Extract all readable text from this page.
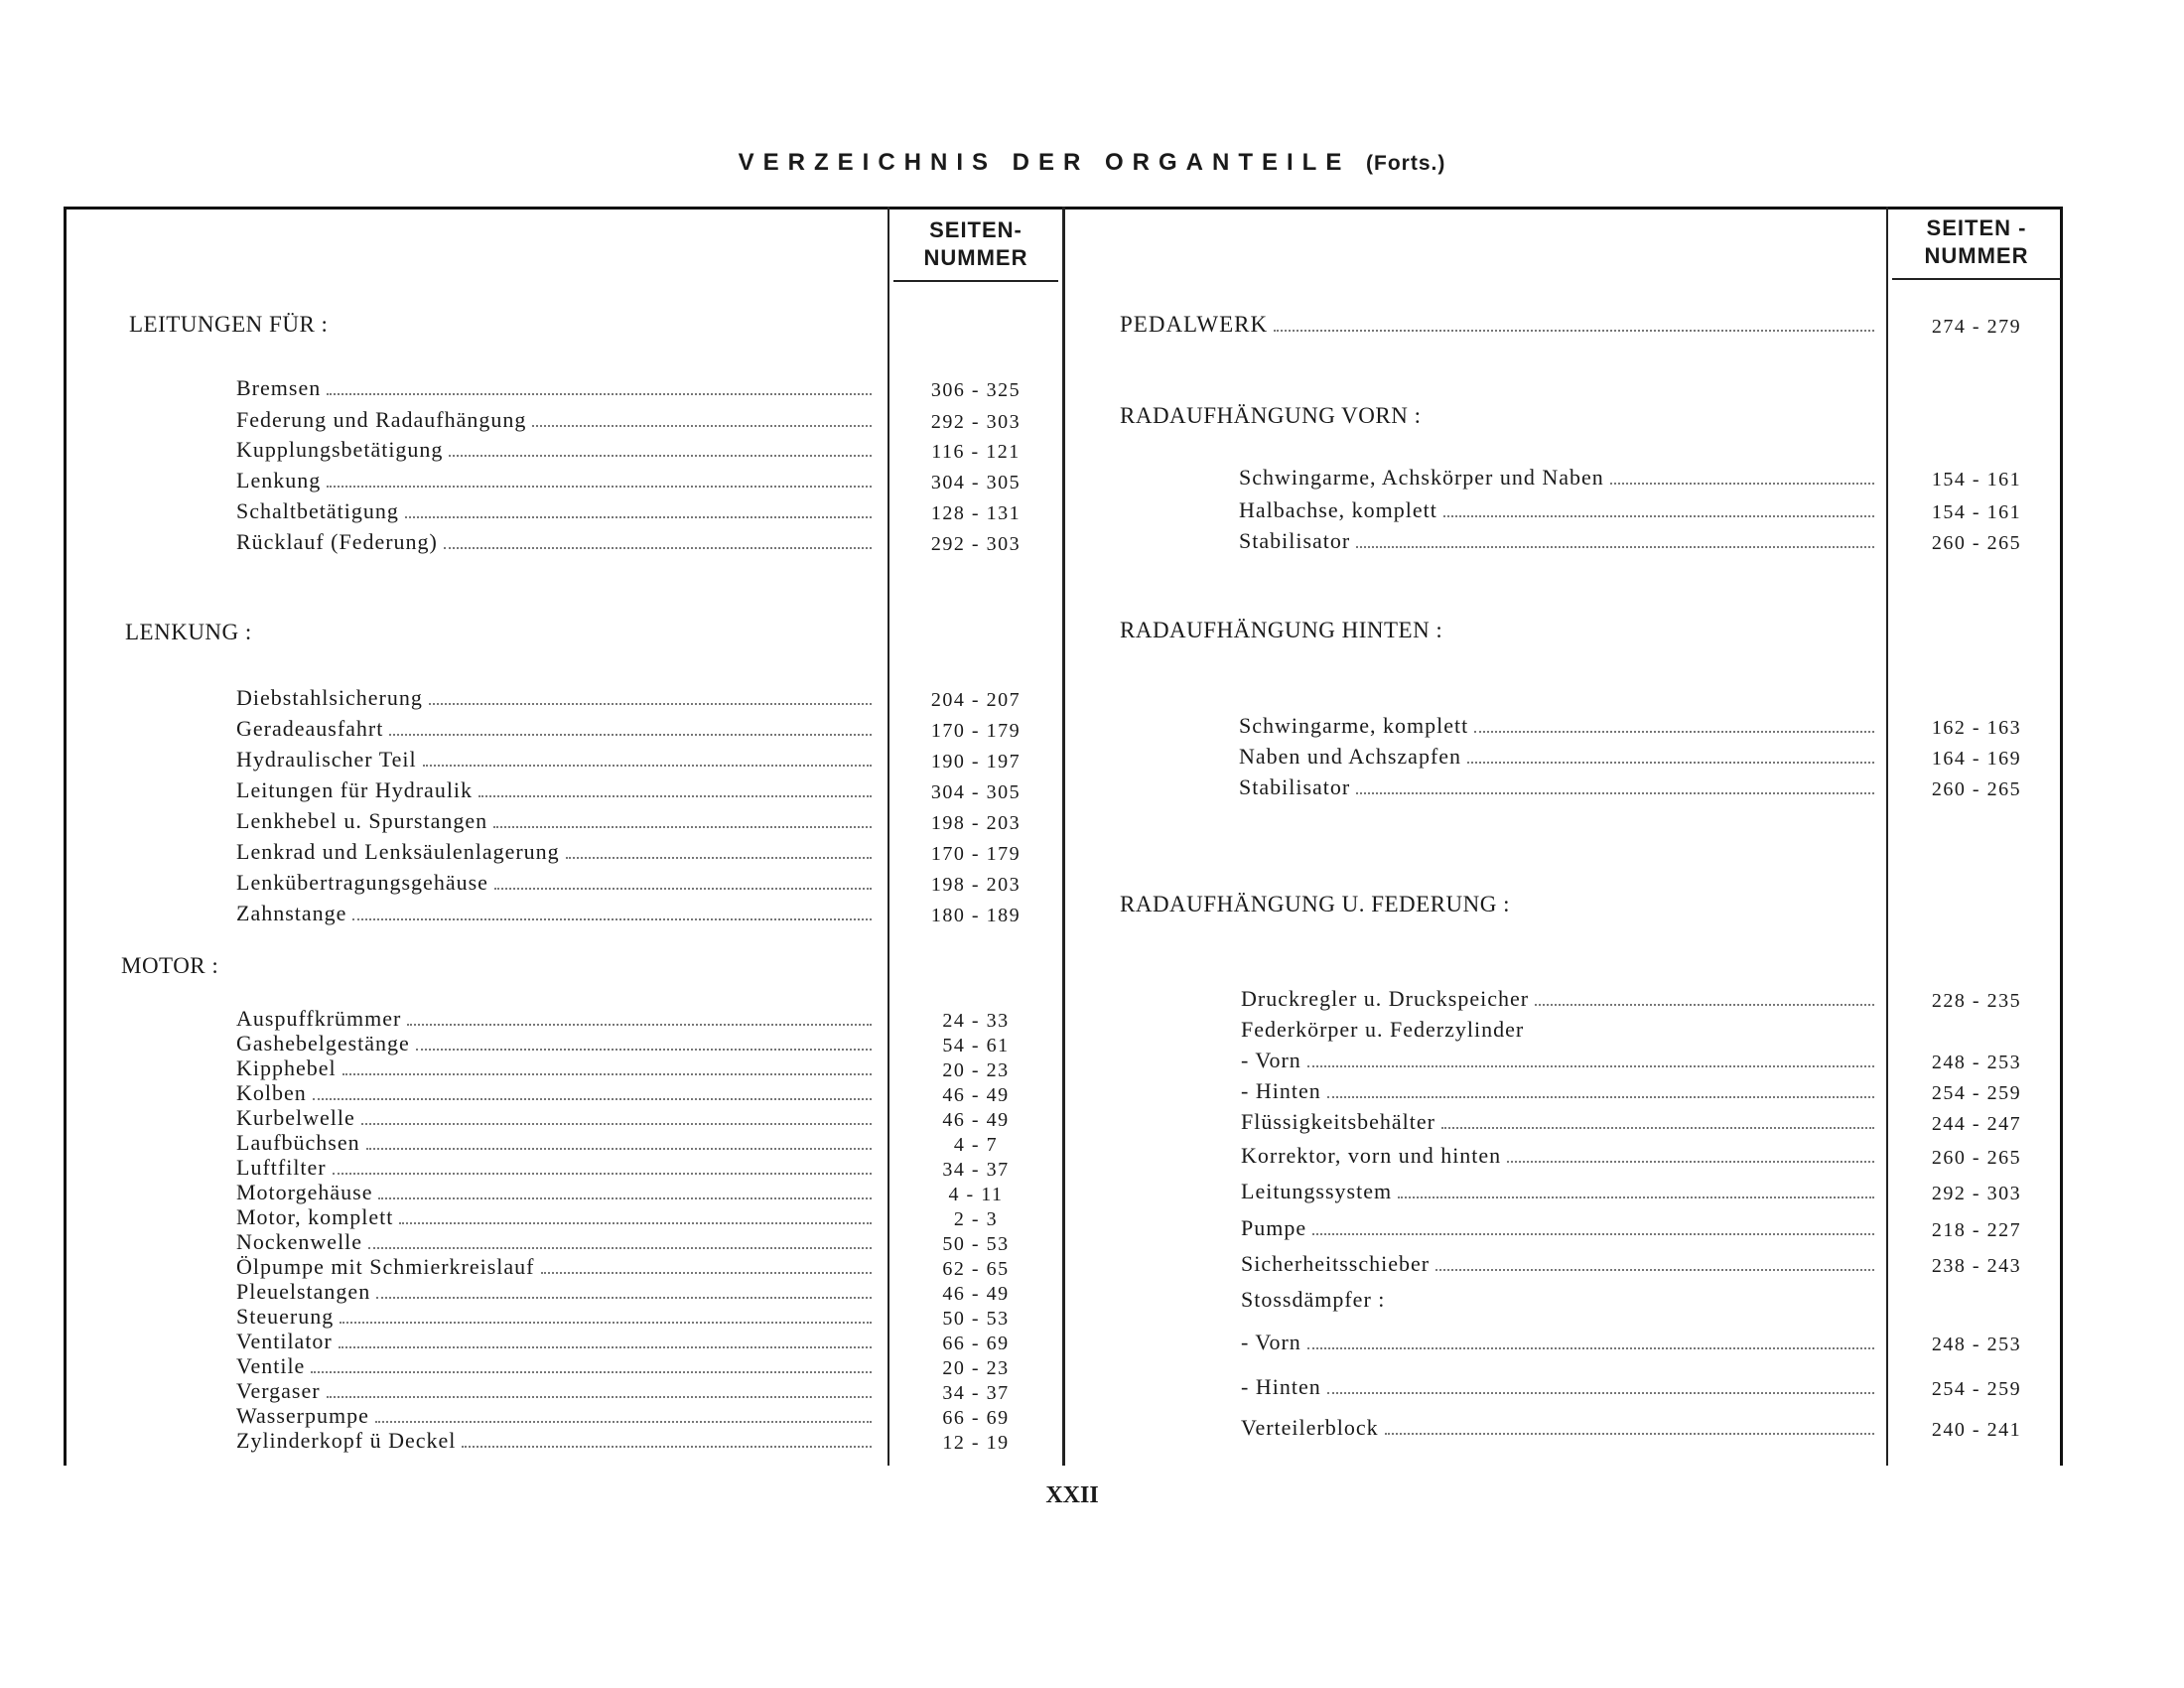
VERZEICHNIS DER ORGANTEILE (Forts.)
SEITEN-
NUMMER
SEITEN -
NUMMER
LEITUNGEN FÜR :
LENKUNG :
MOTOR :
306 - 325
Bremsen
292 - 303
Federung und Radaufhängung
116 - 121
Kupplungsbetätigung
304 - 305
Lenkung
128 - 131
Schaltbetätigung
292 - 303
Rücklauf (Federung)
204 - 207
Diebstahlsicherung
170 - 179
Geradeausfahrt
190 - 197
Hydraulischer Teil
304 - 305
Leitungen für Hydraulik
198 - 203
Lenkhebel u. Spurstangen
170 - 179
Lenkrad und Lenksäulenlagerung
198 - 203
Lenkübertragungsgehäuse
180 - 189
Zahnstange
24 - 33
Auspuffkrümmer
54 - 61
Gashebelgestänge
20 - 23
Kipphebel
46 - 49
Kolben
46 - 49
Kurbelwelle
4 - 7
Laufbüchsen
34 - 37
Luftfilter
4 - 11
Motorgehäuse
2 - 3
Motor, komplett
50 - 53
Nockenwelle
62 - 65
Ölpumpe mit Schmierkreislauf
46 - 49
Pleuelstangen
50 - 53
Steuerung
66 - 69
Ventilator
20 - 23
Ventile
34 - 37
Vergaser
66 - 69
Wasserpumpe
12 - 19
Zylinderkopf ü Deckel
PEDALWERK	274 - 279
RADAUFHÄNGUNG VORN :
RADAUFHÄNGUNG HINTEN :
RADAUFHÄNGUNG U. FEDERUNG :
154 - 161
Schwingarme, Achskörper und Naben
154 - 161
Halbachse, komplett
260 - 265
Stabilisator
162 - 163
Schwingarme, komplett
164 - 169
Naben und Achszapfen
260 - 265
Stabilisator
228 - 235
Druckregler u. Druckspeicher
Federkörper u. Federzylinder
248 - 253
- Vorn
254 - 259
- Hinten
244 - 247
Flüssigkeitsbehälter
260 - 265
Korrektor, vorn und hinten
292 - 303
Leitungssystem
218 - 227
Pumpe
238 - 243
Sicherheitsschieber
Stossdämpfer :
248 - 253
- Vorn
254 - 259
- Hinten
240 - 241
Verteilerblock
XXII
